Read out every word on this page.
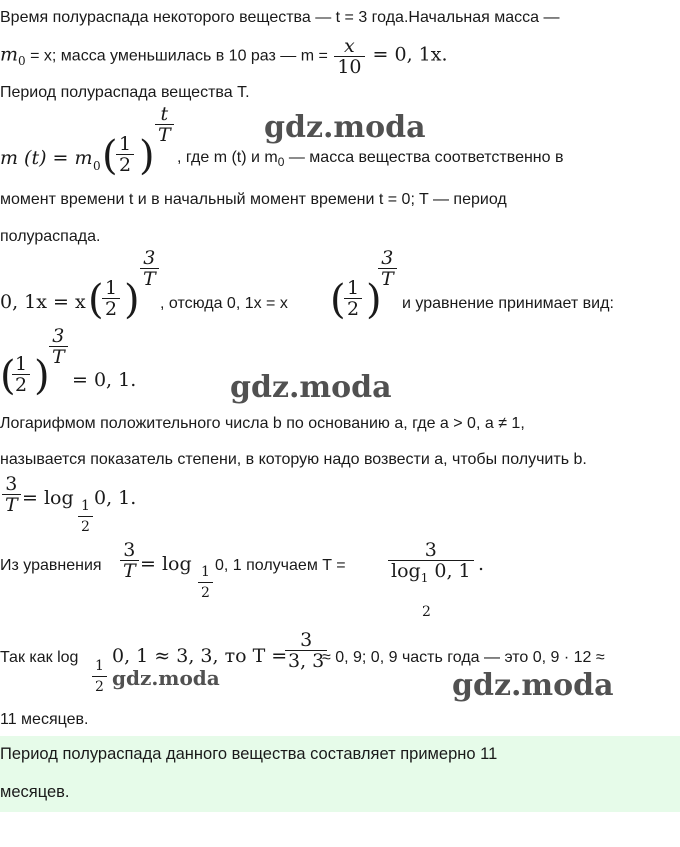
Время полураспада некоторого вещества — t = 3 года.Начальная масса —
$m_0 = x$; масса уменьшилась в 10 раз — $m = \frac{x}{10} = 0$, 1x.
Период полураспада вещества T.
m (t) = m 0 (
$\frac{1}{2}$ )
$\frac{t}{T}$
, где m (t) и $m_0$ — масса вещества соответственно в
момент времени t и в начальный момент времени t = 0; T — период
полураспада.
0, 1x = x (
$\frac{1}{2}$ )
$\frac{3}{T}$
, отсюда 0, 1x = x (
$\frac{1}{2}$ )
$\frac{3}{T}$
и уравнение принимает вид:
(
$\frac{1}{2}$ )
$\frac{3}{T}$
= 0, 1.
Логарифмом положительного числа b по основанию a, где a > 0, a ≠ 1,
называется показатель степени, в которую надо возвести a, чтобы получить b.
$\frac{3}{T} = \log \frac{1}{2} 0$, 1.
Из уравнения $\frac{3}{T} = \log \frac{1}{2} 0$, 1 получаем $T = \frac{3}{\log_1 0, 1}$ .
2
Так как $\log \frac{1}{2} 0$, 1 ≈ 3, 3, то T =
$\frac{3}{3, 3}$
≈ 0, 9; 0, 9 часть года — это 0, 9 · 12 ≈
11 месяцев.
Период полураспада данного вещества составляет примерно 11
месяцев.
gdz.moda
gdz.moda
gdz.moda	gdz.moda
